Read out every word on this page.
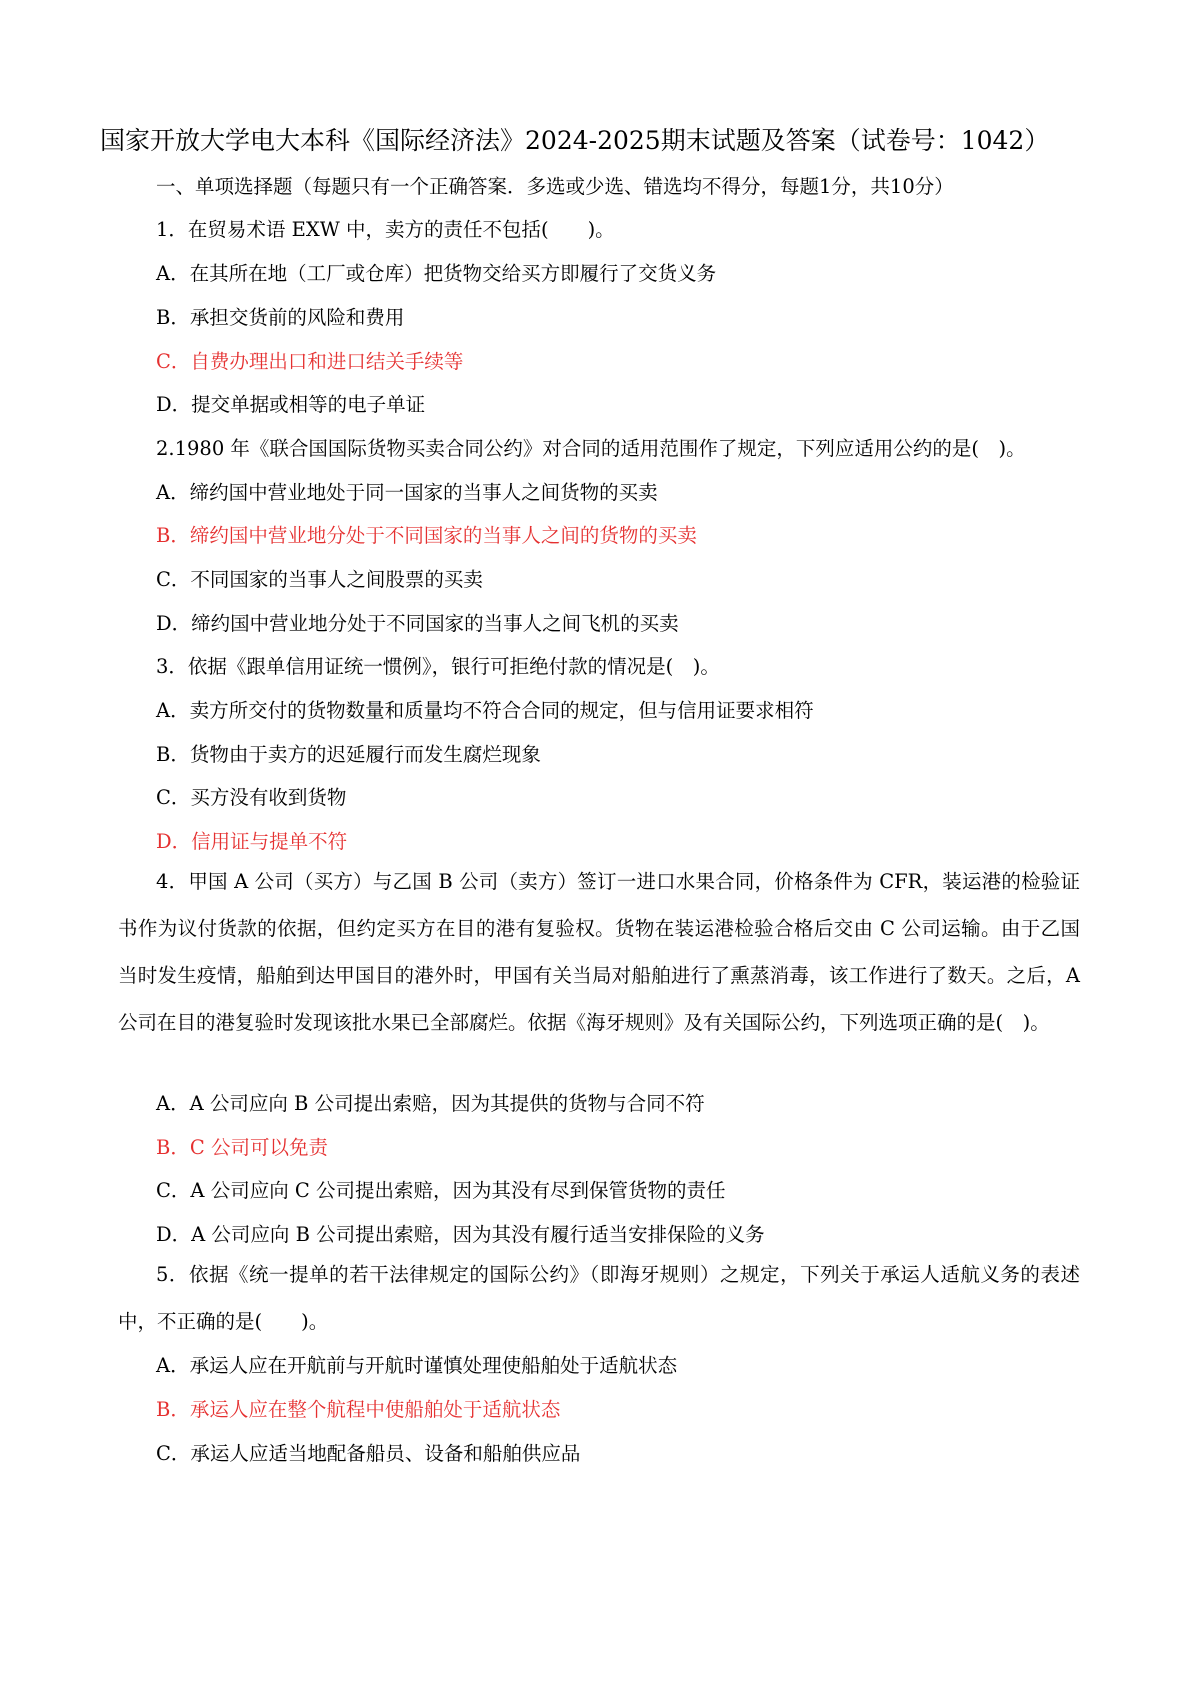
国家开放大学电大本科《国际经济法》2024-2025期末试题及答案（试卷号：1042）
一、单项选择题（每题只有一个正确答案．多选或少选、错选均不得分，每题1分，共10分）
1．在贸易术语 EXW 中，卖方的责任不包括(　　)。
A．在其所在地（工厂或仓库）把货物交给买方即履行了交货义务
B．承担交货前的风险和费用
C．自费办理出口和进口结关手续等
D．提交单据或相等的电子单证
2.1980 年《联合国国际货物买卖合同公约》对合同的适用范围作了规定，下列应适用公约的是(　)。
A．缔约国中营业地处于同一国家的当事人之间货物的买卖
B．缔约国中营业地分处于不同国家的当事人之间的货物的买卖
C．不同国家的当事人之间股票的买卖
D．缔约国中营业地分处于不同国家的当事人之间飞机的买卖
3．依据《跟单信用证统一惯例》，银行可拒绝付款的情况是(　)。
A．卖方所交付的货物数量和质量均不符合合同的规定，但与信用证要求相符
B．货物由于卖方的迟延履行而发生腐烂现象
C．买方没有收到货物
D．信用证与提单不符
4．甲国 A 公司（买方）与乙国 B 公司（卖方）签订一进口水果合同，价格条件为 CFR，装运港的检验证书作为议付货款的依据，但约定买方在目的港有复验权。货物在装运港检验合格后交由 C 公司运输。由于乙国当时发生疫情，船舶到达甲国目的港外时，甲国有关当局对船舶进行了熏蒸消毒，该工作进行了数天。之后，A 公司在目的港复验时发现该批水果已全部腐烂。依据《海牙规则》及有关国际公约，下列选项正确的是(　)。
A．A 公司应向 B 公司提出索赔，因为其提供的货物与合同不符
B．C 公司可以免责
C．A 公司应向 C 公司提出索赔，因为其没有尽到保管货物的责任
D．A 公司应向 B 公司提出索赔，因为其没有履行适当安排保险的义务
5．依据《统一提单的若干法律规定的国际公约》（即海牙规则）之规定，下列关于承运人适航义务的表述中，不正确的是(　　)。
A．承运人应在开航前与开航时谨慎处理使船舶处于适航状态
B．承运人应在整个航程中使船舶处于适航状态
C．承运人应适当地配备船员、设备和船舶供应品
